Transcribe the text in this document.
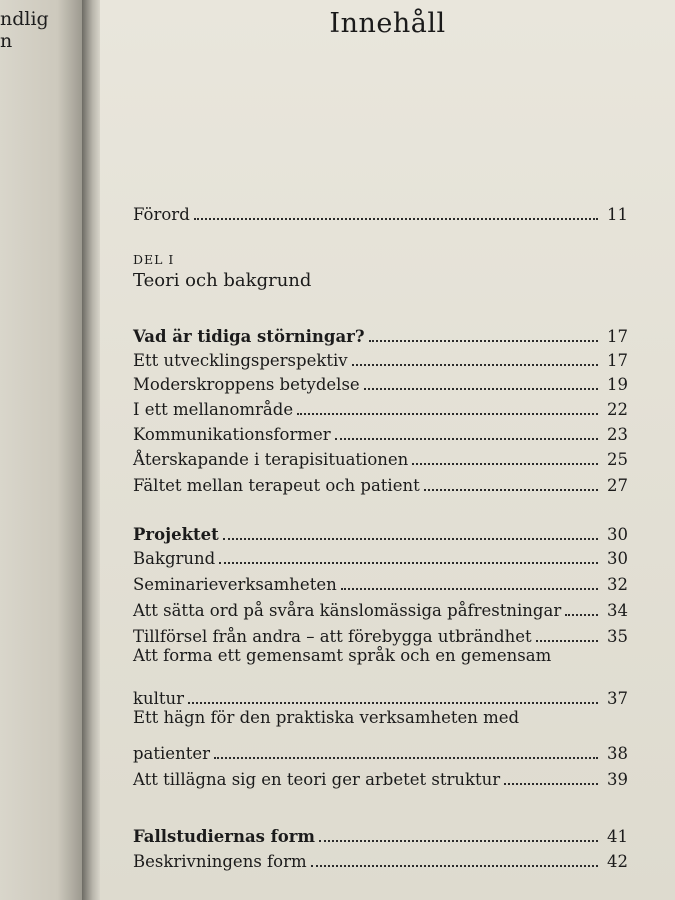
ndlig
n
Innehåll
Förord	11
DEL I
Teori och bakgrund
Vad är tidiga störningar?	17
Ett utvecklingsperspektiv	17
Moderskroppens betydelse	19
I ett mellanområde	22
Kommunikationsformer	23
Återskapande i terapisituationen	25
Fältet mellan terapeut och patient	27
Projektet	30
Bakgrund	30
Seminarieverksamheten	32
Att sätta ord på svåra känslomässiga påfrestningar	34
Tillförsel från andra – att förebygga utbrändhet	35
Att forma ett gemensamt språk och en gemensam
kultur	37
Ett hägn för den praktiska verksamheten med
patienter	38
Att tillägna sig en teori ger arbetet struktur	39
Fallstudiernas form	41
Beskrivningens form	42
